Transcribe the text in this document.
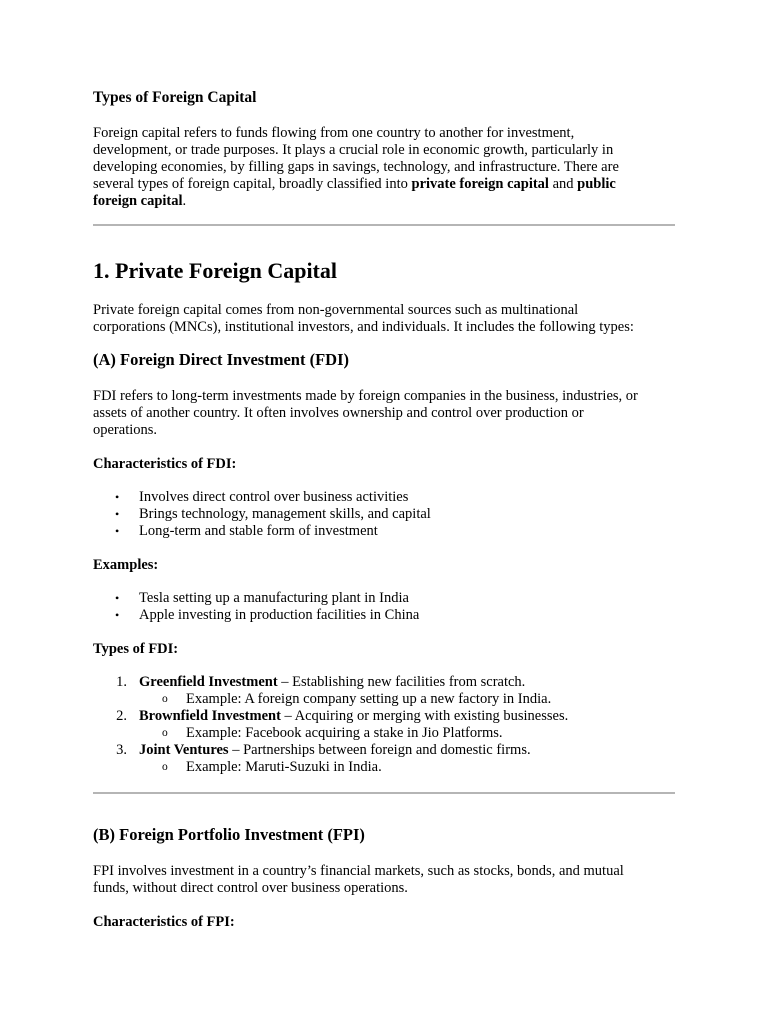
Types of Foreign Capital
Foreign capital refers to funds flowing from one country to another for investment,
development, or trade purposes. It plays a crucial role in economic growth, particularly in
developing economies, by filling gaps in savings, technology, and infrastructure. There are
several types of foreign capital, broadly classified into private foreign capital and public
foreign capital.
1. Private Foreign Capital
Private foreign capital comes from non-governmental sources such as multinational
corporations (MNCs), institutional investors, and individuals. It includes the following types:
(A) Foreign Direct Investment (FDI)
FDI refers to long-term investments made by foreign companies in the business, industries, or
assets of another country. It often involves ownership and control over production or
operations.
Characteristics of FDI:
• Involves direct control over business activities
• Brings technology, management skills, and capital
• Long-term and stable form of investment
Examples:
• Tesla setting up a manufacturing plant in India
• Apple investing in production facilities in China
Types of FDI:
1. Greenfield Investment – Establishing new facilities from scratch.
o Example: A foreign company setting up a new factory in India.
2. Brownfield Investment – Acquiring or merging with existing businesses.
o Example: Facebook acquiring a stake in Jio Platforms.
3. Joint Ventures – Partnerships between foreign and domestic firms.
o Example: Maruti-Suzuki in India.
(B) Foreign Portfolio Investment (FPI)
FPI involves investment in a country’s financial markets, such as stocks, bonds, and mutual
funds, without direct control over business operations.
Characteristics of FPI:
